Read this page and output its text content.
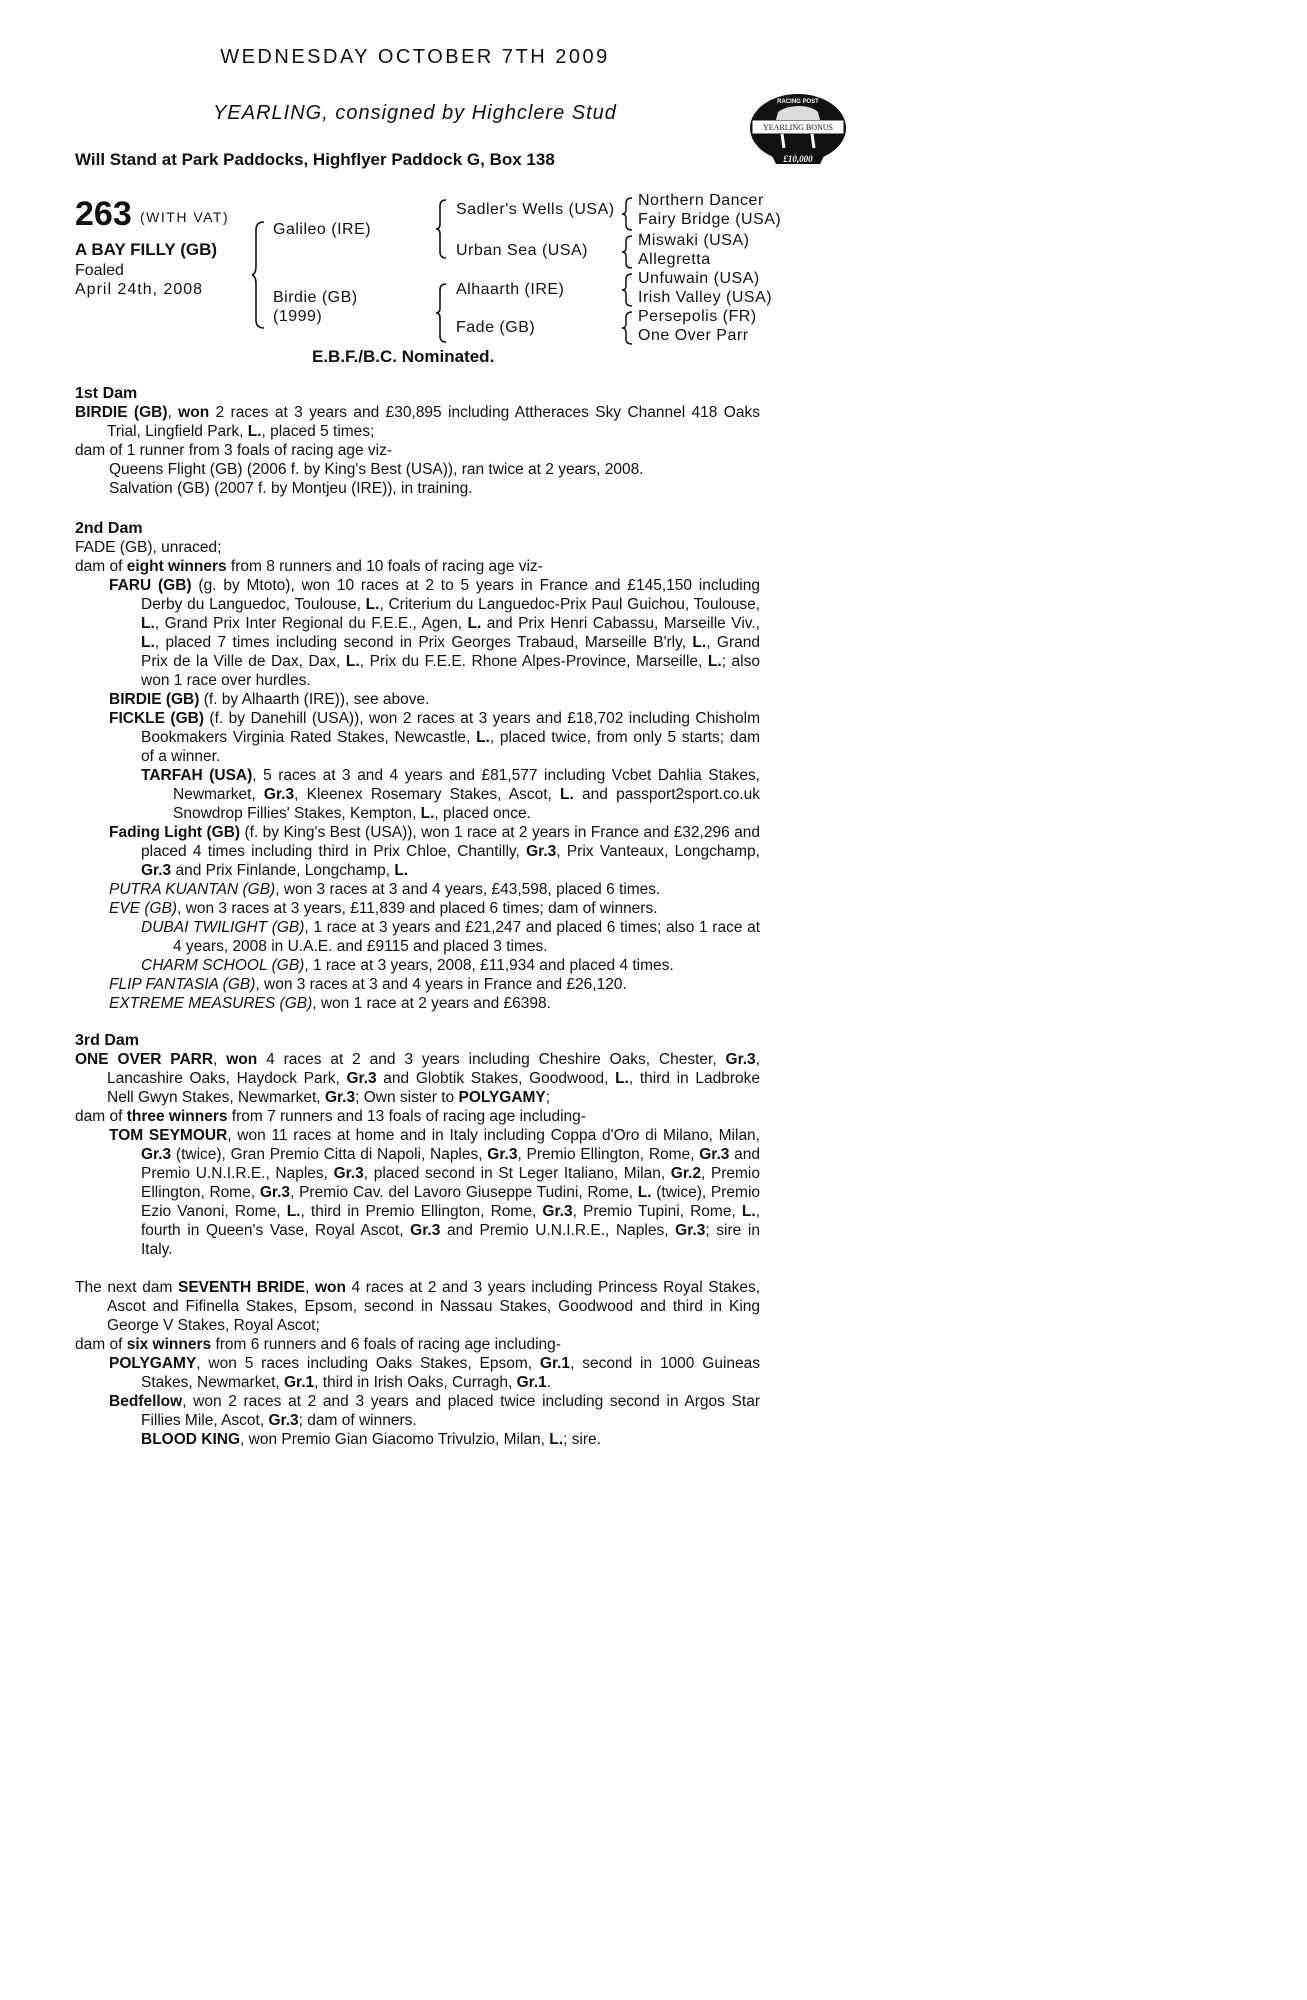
WEDNESDAY OCTOBER 7TH 2009
YEARLING, consigned by Highclere Stud
Will Stand at Park Paddocks, Highflyer Paddock G, Box 138
RACING POST
YEARLING BONUS
£10,000
263 (WITH VAT)
A BAY FILLY (GB)
Foaled
April 24th, 2008
Galileo (IRE)
Birdie (GB)
(1999)
Sadler's Wells (USA)
Urban Sea (USA)
Alhaarth (IRE)
Fade (GB)
Northern Dancer
Fairy Bridge (USA)
Miswaki (USA)
Allegretta
Unfuwain (USA)
Irish Valley (USA)
Persepolis (FR)
One Over Parr
E.B.F./B.C. Nominated.

1st Dam

BIRDIE (GB), won 2 races at 3 years and £30,895 including Attheraces Sky Channel 418 Oaks Trial, Lingfield Park, L., placed 5 times;

dam of 1 runner from 3 foals of racing age viz-

Queens Flight (GB) (2006 f. by King's Best (USA)), ran twice at 2 years, 2008.

Salvation (GB) (2007 f. by Montjeu (IRE)), in training.

2nd Dam

FADE (GB), unraced;

dam of eight winners from 8 runners and 10 foals of racing age viz-

FARU (GB) (g. by Mtoto), won 10 races at 2 to 5 years in France and £145,150 including Derby du Languedoc, Toulouse, L., Criterium du Languedoc-Prix Paul Guichou, Toulouse, L., Grand Prix Inter Regional du F.E.E., Agen, L. and Prix Henri Cabassu, Marseille Viv., L., placed 7 times including second in Prix Georges Trabaud, Marseille B'rly, L., Grand Prix de la Ville de Dax, Dax, L., Prix du F.E.E. Rhone Alpes-Province, Marseille, L.; also won 1 race over hurdles.

BIRDIE (GB) (f. by Alhaarth (IRE)), see above.

FICKLE (GB) (f. by Danehill (USA)), won 2 races at 3 years and £18,702 including Chisholm Bookmakers Virginia Rated Stakes, Newcastle, L., placed twice, from only 5 starts; dam of a winner.

TARFAH (USA), 5 races at 3 and 4 years and £81,577 including Vcbet Dahlia Stakes, Newmarket, Gr.3, Kleenex Rosemary Stakes, Ascot, L. and passport2sport.co.uk Snowdrop Fillies' Stakes, Kempton, L., placed once.

Fading Light (GB) (f. by King's Best (USA)), won 1 race at 2 years in France and £32,296 and placed 4 times including third in Prix Chloe, Chantilly, Gr.3, Prix Vanteaux, Longchamp, Gr.3 and Prix Finlande, Longchamp, L.

PUTRA KUANTAN (GB), won 3 races at 3 and 4 years, £43,598, placed 6 times.

EVE (GB), won 3 races at 3 years, £11,839 and placed 6 times; dam of winners.

DUBAI TWILIGHT (GB), 1 race at 3 years and £21,247 and placed 6 times; also 1 race at 4 years, 2008 in U.A.E. and £9115 and placed 3 times.

CHARM SCHOOL (GB), 1 race at 3 years, 2008, £11,934 and placed 4 times.

FLIP FANTASIA (GB), won 3 races at 3 and 4 years in France and £26,120.

EXTREME MEASURES (GB), won 1 race at 2 years and £6398.

3rd Dam

ONE OVER PARR, won 4 races at 2 and 3 years including Cheshire Oaks, Chester, Gr.3, Lancashire Oaks, Haydock Park, Gr.3 and Globtik Stakes, Goodwood, L., third in Ladbroke Nell Gwyn Stakes, Newmarket, Gr.3; Own sister to POLYGAMY;

dam of three winners from 7 runners and 13 foals of racing age including-

TOM SEYMOUR, won 11 races at home and in Italy including Coppa d'Oro di Milano, Milan, Gr.3 (twice), Gran Premio Citta di Napoli, Naples, Gr.3, Premio Ellington, Rome, Gr.3 and Premio U.N.I.R.E., Naples, Gr.3, placed second in St Leger Italiano, Milan, Gr.2, Premio Ellington, Rome, Gr.3, Premio Cav. del Lavoro Giuseppe Tudini, Rome, L. (twice), Premio Ezio Vanoni, Rome, L., third in Premio Ellington, Rome, Gr.3, Premio Tupini, Rome, L., fourth in Queen's Vase, Royal Ascot, Gr.3 and Premio U.N.I.R.E., Naples, Gr.3; sire in Italy.

The next dam SEVENTH BRIDE, won 4 races at 2 and 3 years including Princess Royal Stakes, Ascot and Fifinella Stakes, Epsom, second in Nassau Stakes, Goodwood and third in King George V Stakes, Royal Ascot;

dam of six winners from 6 runners and 6 foals of racing age including-

POLYGAMY, won 5 races including Oaks Stakes, Epsom, Gr.1, second in 1000 Guineas Stakes, Newmarket, Gr.1, third in Irish Oaks, Curragh, Gr.1.

Bedfellow, won 2 races at 2 and 3 years and placed twice including second in Argos Star Fillies Mile, Ascot, Gr.3; dam of winners.

BLOOD KING, won Premio Gian Giacomo Trivulzio, Milan, L.; sire.
